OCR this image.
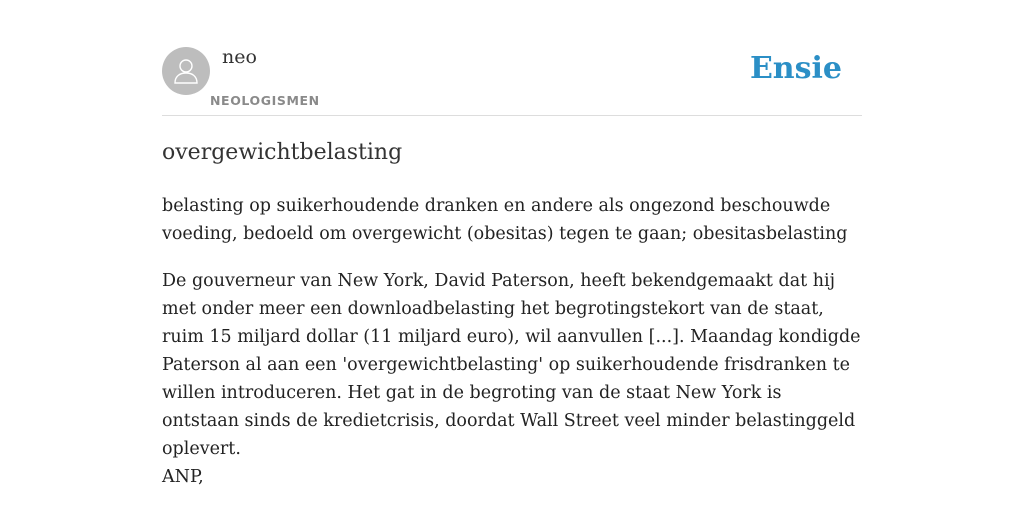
neo
NEOLOGISMEN
Ensie
overgewichtbelasting

belasting op suikerhoudende dranken en andere als ongezond beschouwde voeding, bedoeld om overgewicht (obesitas) tegen te gaan; obesitasbelasting

De gouverneur van New York, David Paterson, heeft bekendgemaakt dat hij met onder meer een downloadbelasting het begrotingstekort van de staat, ruim 15 miljard dollar (11 miljard euro), wil aanvullen [...]. Maandag kondigde Paterson al aan een 'overgewichtbelasting' op suikerhoudende frisdranken te willen introduceren. Het gat in de begroting van de staat New York is ontstaan sinds de kredietcrisis, doordat Wall Street veel minder belastinggeld oplevert.
ANP,
